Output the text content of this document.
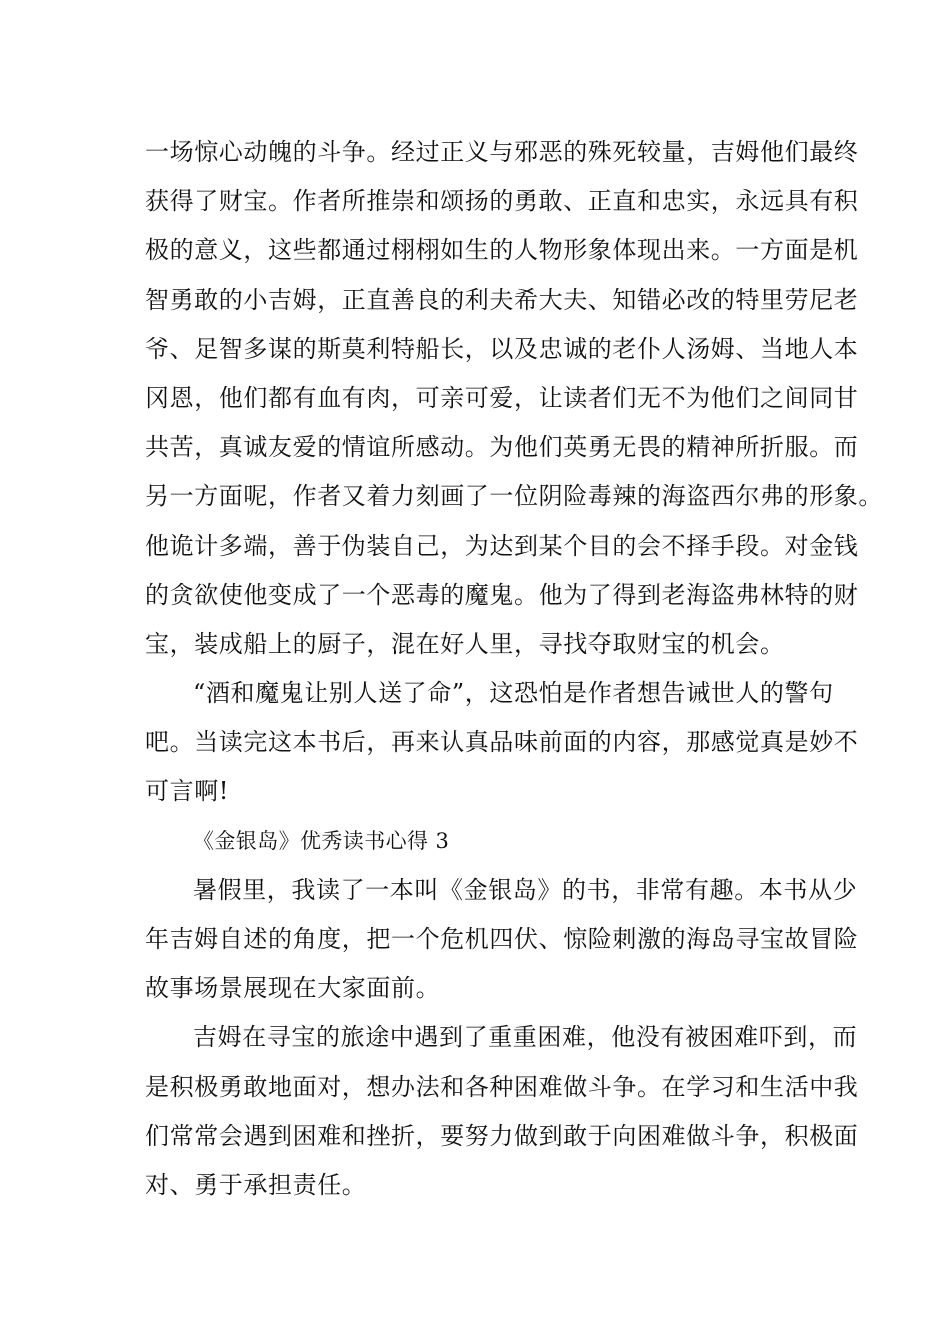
一场惊心动魄的斗争。经过正义与邪恶的殊死较量，吉姆他们最终
获得了财宝。作者所推崇和颂扬的勇敢、正直和忠实，永远具有积
极的意义，这些都通过栩栩如生的人物形象体现出来。一方面是机
智勇敢的小吉姆，正直善良的利夫希大夫、知错必改的特里劳尼老
爷、足智多谋的斯莫利特船长，以及忠诚的老仆人汤姆、当地人本
冈恩，他们都有血有肉，可亲可爱，让读者们无不为他们之间同甘
共苦，真诚友爱的情谊所感动。为他们英勇无畏的精神所折服。而
另一方面呢，作者又着力刻画了一位阴险毒辣的海盗西尔弗的形象。
他诡计多端，善于伪装自己，为达到某个目的会不择手段。对金钱
的贪欲使他变成了一个恶毒的魔鬼。他为了得到老海盗弗林特的财
宝，装成船上的厨子，混在好人里，寻找夺取财宝的机会。
“酒和魔鬼让别人送了命”，这恐怕是作者想告诫世人的警句
吧。当读完这本书后，再来认真品味前面的内容，那感觉真是妙不
可言啊!
《金银岛》优秀读书心得 3
暑假里，我读了一本叫《金银岛》的书，非常有趣。本书从少
年吉姆自述的角度，把一个危机四伏、惊险刺激的海岛寻宝故冒险
故事场景展现在大家面前。
吉姆在寻宝的旅途中遇到了重重困难，他没有被困难吓到，而
是积极勇敢地面对，想办法和各种困难做斗争。在学习和生活中我
们常常会遇到困难和挫折，要努力做到敢于向困难做斗争，积极面
对、勇于承担责任。
